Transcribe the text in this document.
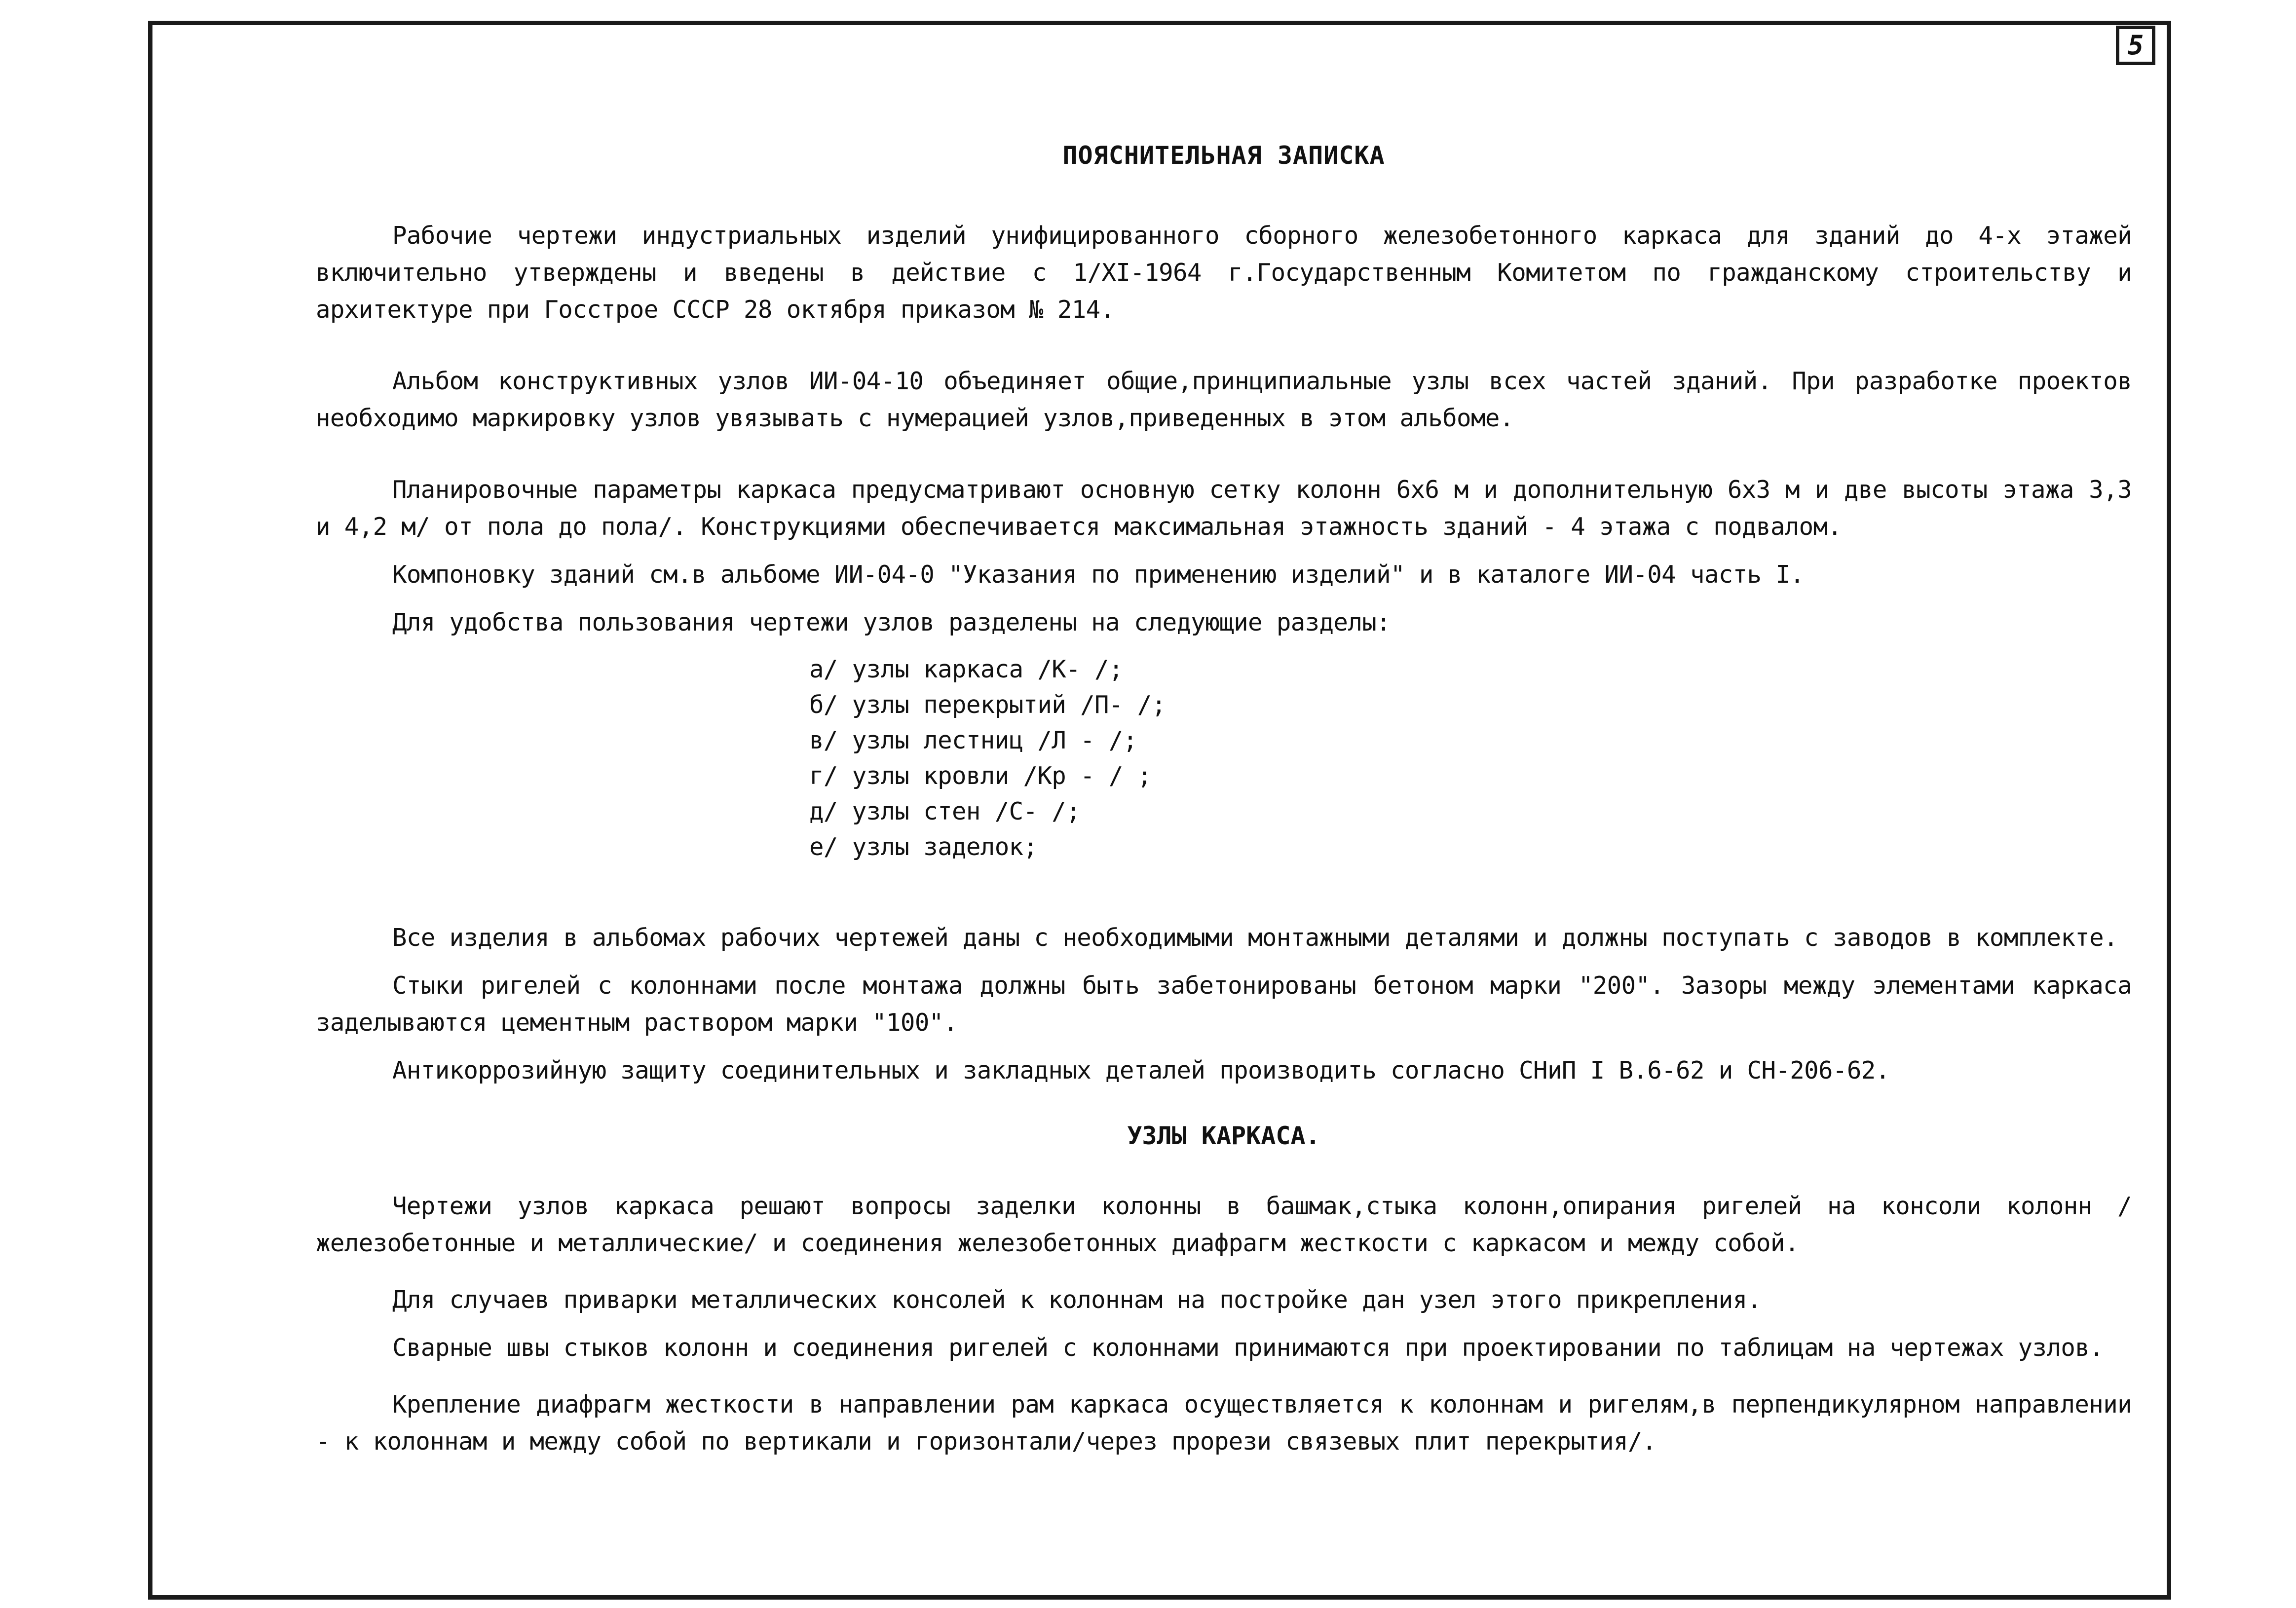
5
ПОЯСНИТЕЛЬНАЯ ЗАПИСКА

Рабочие чертежи индустриальных изделий унифицированного сборного железобетонного каркаса для зданий до 4-х этажей включительно утверждены и введены в действие с 1/XI-1964 г.Государственным Комитетом по гражданскому строительству и архитектуре при Госстрое СССР 28 октября приказом № 214.

Альбом конструктивных узлов ИИ-04-10 объединяет общие,принципиальные узлы всех частей зданий. При разработке проектов необходимо маркировку узлов увязывать с нумерацией узлов,приведенных в этом альбоме.

Планировочные параметры каркаса предусматривают основную сетку колонн 6х6 м и дополнительную 6х3 м и две высоты этажа 3,3 и 4,2 м/ от пола до пола/. Конструкциями обеспечивается максимальная этажность зданий - 4 этажа с подвалом.

Компоновку зданий см.в альбоме ИИ-04-0 "Указания по применению изделий" и в каталоге ИИ-04 часть I.

Для удобства пользования чертежи узлов разделены на следующие разделы:

а/ узлы каркаса /К- /;
б/ узлы перекрытий /П- /;
в/ узлы лестниц /Л - /;
г/ узлы кровли /Кр - / ;
д/ узлы стен /С- /;
е/ узлы заделок;

Все изделия в альбомах рабочих чертежей даны с необходимыми монтажными деталями и должны поступать с заводов в комплекте.

Стыки ригелей с колоннами после монтажа должны быть забетонированы бетоном марки "200". Зазоры между элементами каркаса заделываются цементным раствором марки "100".

Антикоррозийную защиту соединительных и закладных деталей производить согласно СНиП I В.6-62 и СН-206-62.

УЗЛЫ КАРКАСА.

Чертежи узлов каркаса решают вопросы заделки колонны в башмак,стыка колонн,опирания ригелей на консоли колонн /железобетонные и металлические/ и соединения железобетонных диафрагм жесткости с каркасом и между собой.

Для случаев приварки металлических консолей к колоннам на постройке дан узел этого прикрепления.

Сварные швы стыков колонн и соединения ригелей с колоннами принимаются при проектировании по таблицам на чертежах узлов.

Крепление диафрагм жесткости в направлении рам каркаса осуществляется к колоннам и ригелям,в перпендикулярном направлении - к колоннам и между собой по вертикали и горизонтали/через прорези связевых плит перекрытия/.
